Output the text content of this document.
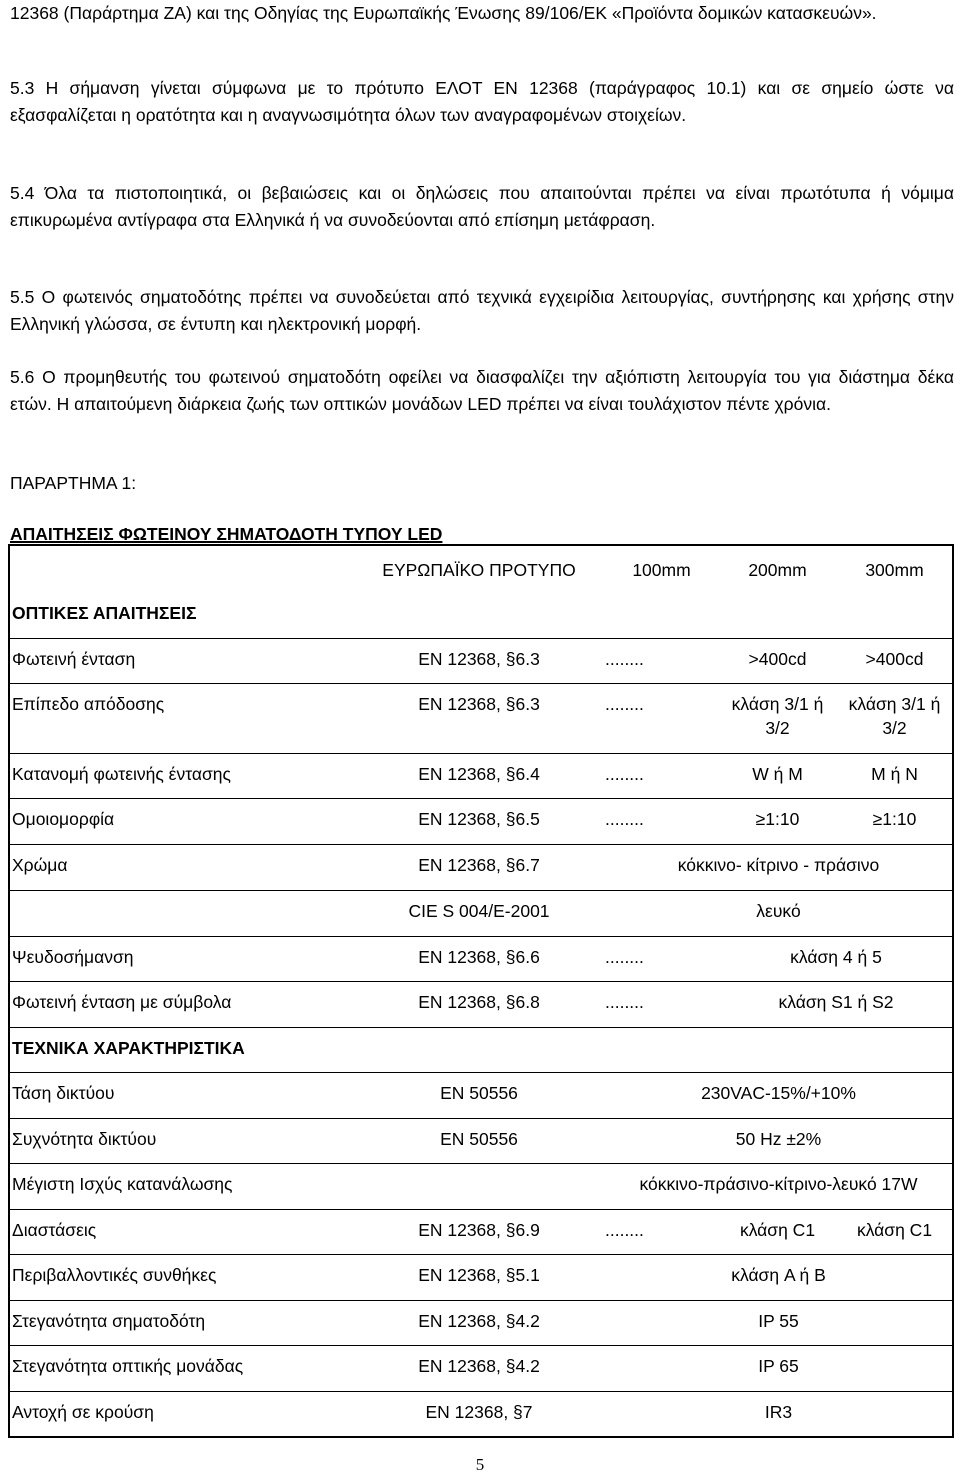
12368 (Παράρτημα ΖΑ) και της Οδηγίας της Ευρωπαϊκής Ένωσης 89/106/ΕΚ «Προϊόντα δομικών κατασκευών».

5.3 Η σήμανση γίνεται σύμφωνα με το πρότυπο ΕΛΟΤ ΕΝ 12368 (παράγραφος 10.1) και σε σημείο ώστε να εξασφαλίζεται η ορατότητα και η αναγνωσιμότητα όλων των αναγραφομένων στοιχείων.

5.4 Όλα τα πιστοποιητικά, οι βεβαιώσεις και οι δηλώσεις που απαιτούνται πρέπει να είναι πρωτότυπα ή νόμιμα επικυρωμένα αντίγραφα στα Ελληνικά ή να συνοδεύονται από επίσημη μετάφραση.

5.5 Ο φωτεινός σηματοδότης πρέπει να συνοδεύεται από τεχνικά εγχειρίδια λειτουργίας, συντήρησης και χρήσης στην Ελληνική γλώσσα, σε έντυπη και ηλεκτρονική μορφή.

5.6 Ο προμηθευτής του φωτεινού σηματοδότη οφείλει να διασφαλίζει την αξιόπιστη λειτουργία του για διάστημα δέκα ετών. Η απαιτούμενη διάρκεια ζωής των οπτικών μονάδων LED πρέπει να είναι τουλάχιστον πέντε χρόνια.

ΠΑΡΑΡΤΗΜΑ 1:

ΑΠΑΙΤΗΣΕΙΣ ΦΩΤΕΙΝΟΥ ΣΗΜΑΤΟΔΟΤΗ ΤΥΠΟΥ LED

	ΕΥΡΩΠΑΪΚΟ ΠΡΟΤΥΠΟ	100mm	200mm	300mm
ΟΠΤΙΚΕΣ ΑΠΑΙΤΗΣΕΙΣ				
Φωτεινή ένταση	EN 12368, §6.3	........	>400cd	>400cd
Επίπεδο απόδοσης	EN 12368, §6.3	........	κλάση 3/1 ή 3/2	κλάση 3/1 ή 3/2
Κατανομή φωτεινής έντασης	EN 12368, §6.4	........	W ή M	M ή N
Ομοιομορφία	EN 12368, §6.5	........	≥1:10	≥1:10
Χρώμα	EN 12368, §6.7	κόκκινο- κίτρινο - πράσινο		
	CIE S 004/E-2001	λευκό		
Ψευδοσήμανση	EN 12368, §6.6	........	κλάση 4 ή 5	
Φωτεινή ένταση με σύμβολα	EN 12368, §6.8	........	κλάση S1 ή S2	
ΤΕΧΝΙΚΑ ΧΑΡΑΚΤΗΡΙΣΤΙΚΑ				
Τάση δικτύου	EN 50556	230VAC-15%/+10%		
Συχνότητα δικτύου	EN 50556	50 Hz ±2%		
Μέγιστη Ισχύς κατανάλωσης		κόκκινο-πράσινο-κίτρινο-λευκό 17W		
Διαστάσεις	EN 12368, §6.9	........	κλάση C1	κλάση C1
Περιβαλλοντικές συνθήκες	EN 12368, §5.1	κλάση A ή B		
Στεγανότητα σηματοδότη	EN 12368, §4.2	IP 55		
Στεγανότητα οπτικής μονάδας	EN 12368, §4.2	IP 65		
Αντοχή σε κρούση	EN 12368, §7	IR3		
5
